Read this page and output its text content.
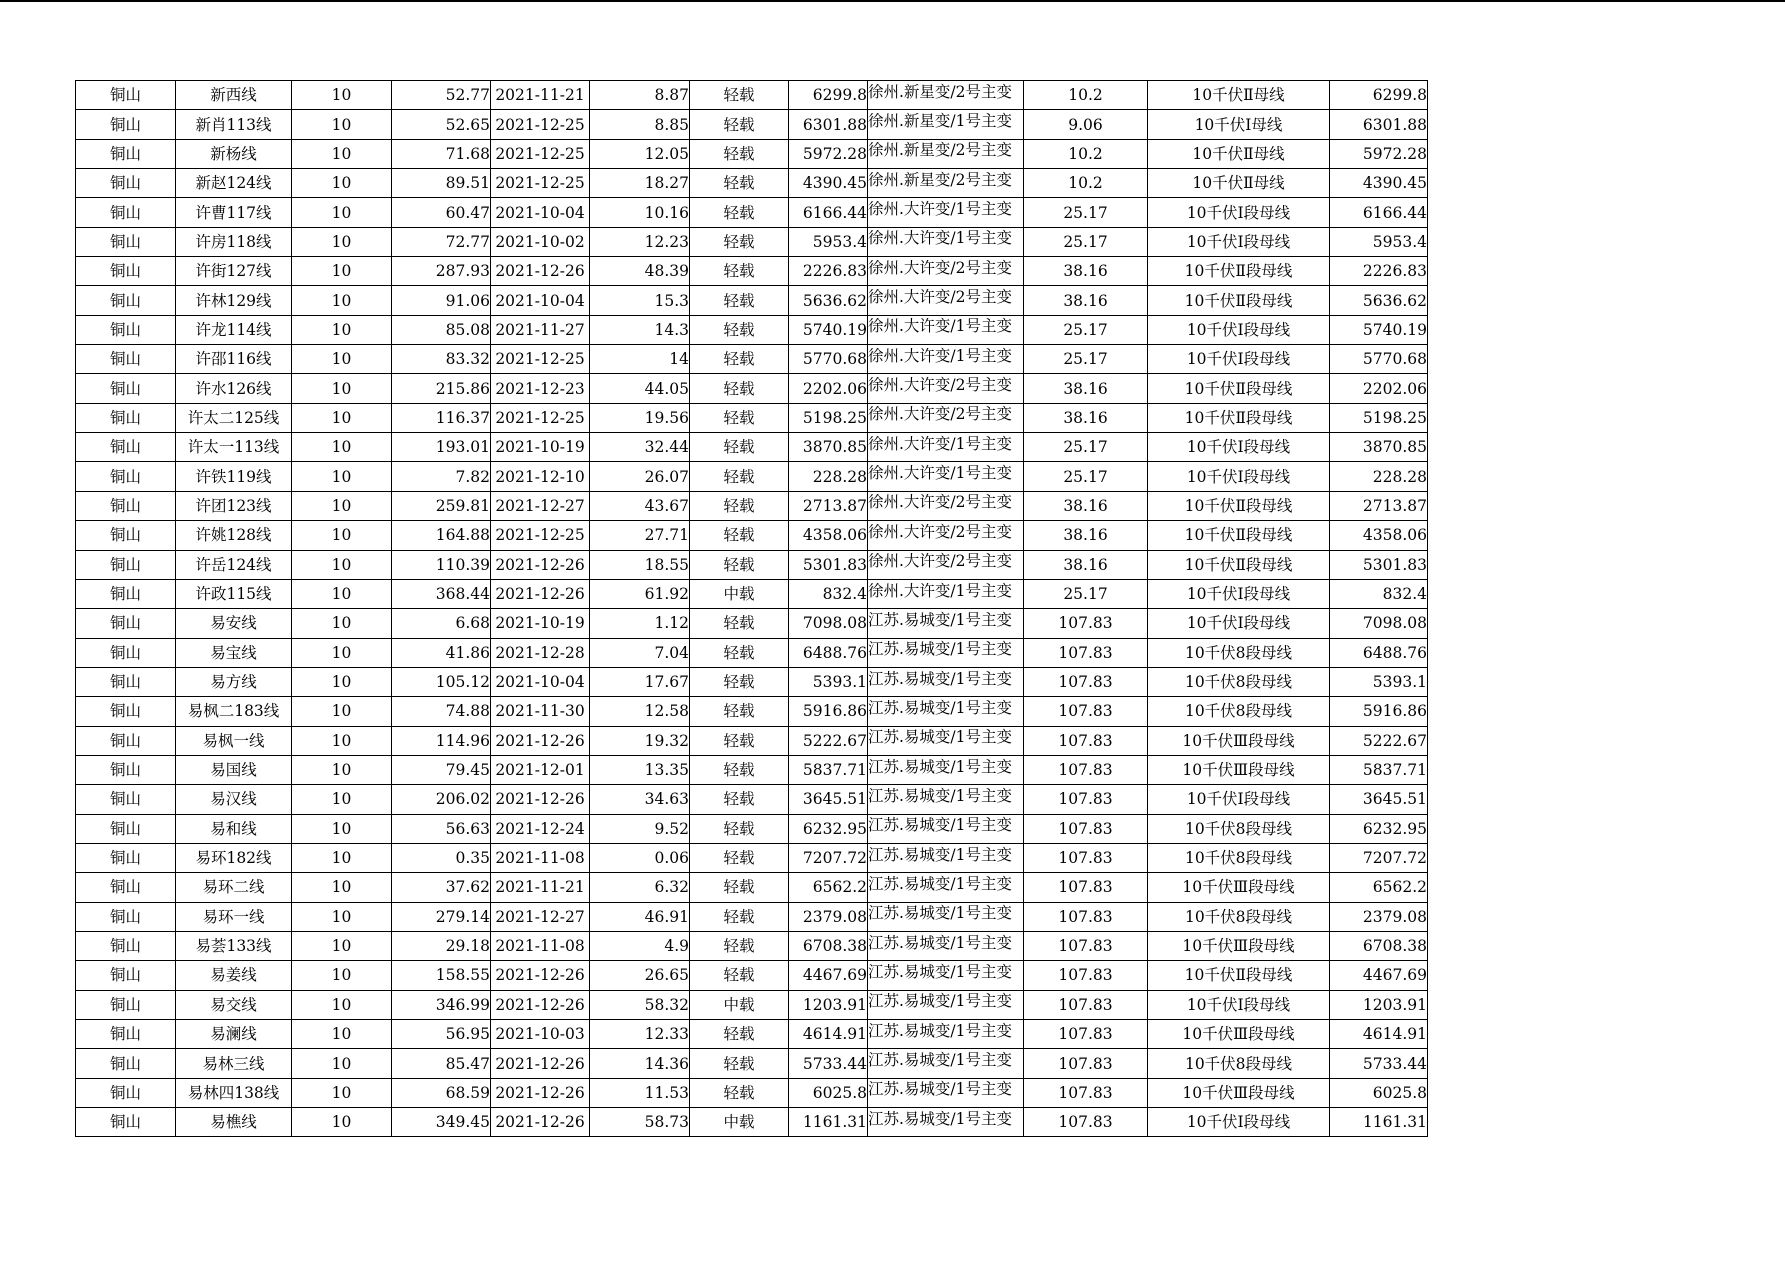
铜山	新西线	10	52.77	2021-11-21	8.87	轻载	6299.8	徐州.新星变/2号主变	10.2	10千伏Ⅱ母线	6299.8
铜山	新肖113线	10	52.65	2021-12-25	8.85	轻载	6301.88	徐州.新星变/1号主变	9.06	10千伏Ⅰ母线	6301.88
铜山	新杨线	10	71.68	2021-12-25	12.05	轻载	5972.28	徐州.新星变/2号主变	10.2	10千伏Ⅱ母线	5972.28
铜山	新赵124线	10	89.51	2021-12-25	18.27	轻载	4390.45	徐州.新星变/2号主变	10.2	10千伏Ⅱ母线	4390.45
铜山	许曹117线	10	60.47	2021-10-04	10.16	轻载	6166.44	徐州.大许变/1号主变	25.17	10千伏Ⅰ段母线	6166.44
铜山	许房118线	10	72.77	2021-10-02	12.23	轻载	5953.4	徐州.大许变/1号主变	25.17	10千伏Ⅰ段母线	5953.4
铜山	许街127线	10	287.93	2021-12-26	48.39	轻载	2226.83	徐州.大许变/2号主变	38.16	10千伏Ⅱ段母线	2226.83
铜山	许林129线	10	91.06	2021-10-04	15.3	轻载	5636.62	徐州.大许变/2号主变	38.16	10千伏Ⅱ段母线	5636.62
铜山	许龙114线	10	85.08	2021-11-27	14.3	轻载	5740.19	徐州.大许变/1号主变	25.17	10千伏Ⅰ段母线	5740.19
铜山	许邵116线	10	83.32	2021-12-25	14	轻载	5770.68	徐州.大许变/1号主变	25.17	10千伏Ⅰ段母线	5770.68
铜山	许水126线	10	215.86	2021-12-23	44.05	轻载	2202.06	徐州.大许变/2号主变	38.16	10千伏Ⅱ段母线	2202.06
铜山	许太二125线	10	116.37	2021-12-25	19.56	轻载	5198.25	徐州.大许变/2号主变	38.16	10千伏Ⅱ段母线	5198.25
铜山	许太一113线	10	193.01	2021-10-19	32.44	轻载	3870.85	徐州.大许变/1号主变	25.17	10千伏Ⅰ段母线	3870.85
铜山	许铁119线	10	7.82	2021-12-10	26.07	轻载	228.28	徐州.大许变/1号主变	25.17	10千伏Ⅰ段母线	228.28
铜山	许团123线	10	259.81	2021-12-27	43.67	轻载	2713.87	徐州.大许变/2号主变	38.16	10千伏Ⅱ段母线	2713.87
铜山	许姚128线	10	164.88	2021-12-25	27.71	轻载	4358.06	徐州.大许变/2号主变	38.16	10千伏Ⅱ段母线	4358.06
铜山	许岳124线	10	110.39	2021-12-26	18.55	轻载	5301.83	徐州.大许变/2号主变	38.16	10千伏Ⅱ段母线	5301.83
铜山	许政115线	10	368.44	2021-12-26	61.92	中载	832.4	徐州.大许变/1号主变	25.17	10千伏Ⅰ段母线	832.4
铜山	易安线	10	6.68	2021-10-19	1.12	轻载	7098.08	江苏.易城变/1号主变	107.83	10千伏Ⅰ段母线	7098.08
铜山	易宝线	10	41.86	2021-12-28	7.04	轻载	6488.76	江苏.易城变/1号主变	107.83	10千伏8段母线	6488.76
铜山	易方线	10	105.12	2021-10-04	17.67	轻载	5393.1	江苏.易城变/1号主变	107.83	10千伏8段母线	5393.1
铜山	易枫二183线	10	74.88	2021-11-30	12.58	轻载	5916.86	江苏.易城变/1号主变	107.83	10千伏8段母线	5916.86
铜山	易枫一线	10	114.96	2021-12-26	19.32	轻载	5222.67	江苏.易城变/1号主变	107.83	10千伏Ⅲ段母线	5222.67
铜山	易国线	10	79.45	2021-12-01	13.35	轻载	5837.71	江苏.易城变/1号主变	107.83	10千伏Ⅲ段母线	5837.71
铜山	易汉线	10	206.02	2021-12-26	34.63	轻载	3645.51	江苏.易城变/1号主变	107.83	10千伏Ⅰ段母线	3645.51
铜山	易和线	10	56.63	2021-12-24	9.52	轻载	6232.95	江苏.易城变/1号主变	107.83	10千伏8段母线	6232.95
铜山	易环182线	10	0.35	2021-11-08	0.06	轻载	7207.72	江苏.易城变/1号主变	107.83	10千伏8段母线	7207.72
铜山	易环二线	10	37.62	2021-11-21	6.32	轻载	6562.2	江苏.易城变/1号主变	107.83	10千伏Ⅲ段母线	6562.2
铜山	易环一线	10	279.14	2021-12-27	46.91	轻载	2379.08	江苏.易城变/1号主变	107.83	10千伏8段母线	2379.08
铜山	易荟133线	10	29.18	2021-11-08	4.9	轻载	6708.38	江苏.易城变/1号主变	107.83	10千伏Ⅲ段母线	6708.38
铜山	易姜线	10	158.55	2021-12-26	26.65	轻载	4467.69	江苏.易城变/1号主变	107.83	10千伏Ⅱ段母线	4467.69
铜山	易交线	10	346.99	2021-12-26	58.32	中载	1203.91	江苏.易城变/1号主变	107.83	10千伏Ⅰ段母线	1203.91
铜山	易澜线	10	56.95	2021-10-03	12.33	轻载	4614.91	江苏.易城变/1号主变	107.83	10千伏Ⅲ段母线	4614.91
铜山	易林三线	10	85.47	2021-12-26	14.36	轻载	5733.44	江苏.易城变/1号主变	107.83	10千伏8段母线	5733.44
铜山	易林四138线	10	68.59	2021-12-26	11.53	轻载	6025.8	江苏.易城变/1号主变	107.83	10千伏Ⅲ段母线	6025.8
铜山	易樵线	10	349.45	2021-12-26	58.73	中载	1161.31	江苏.易城变/1号主变	107.83	10千伏Ⅰ段母线	1161.31
